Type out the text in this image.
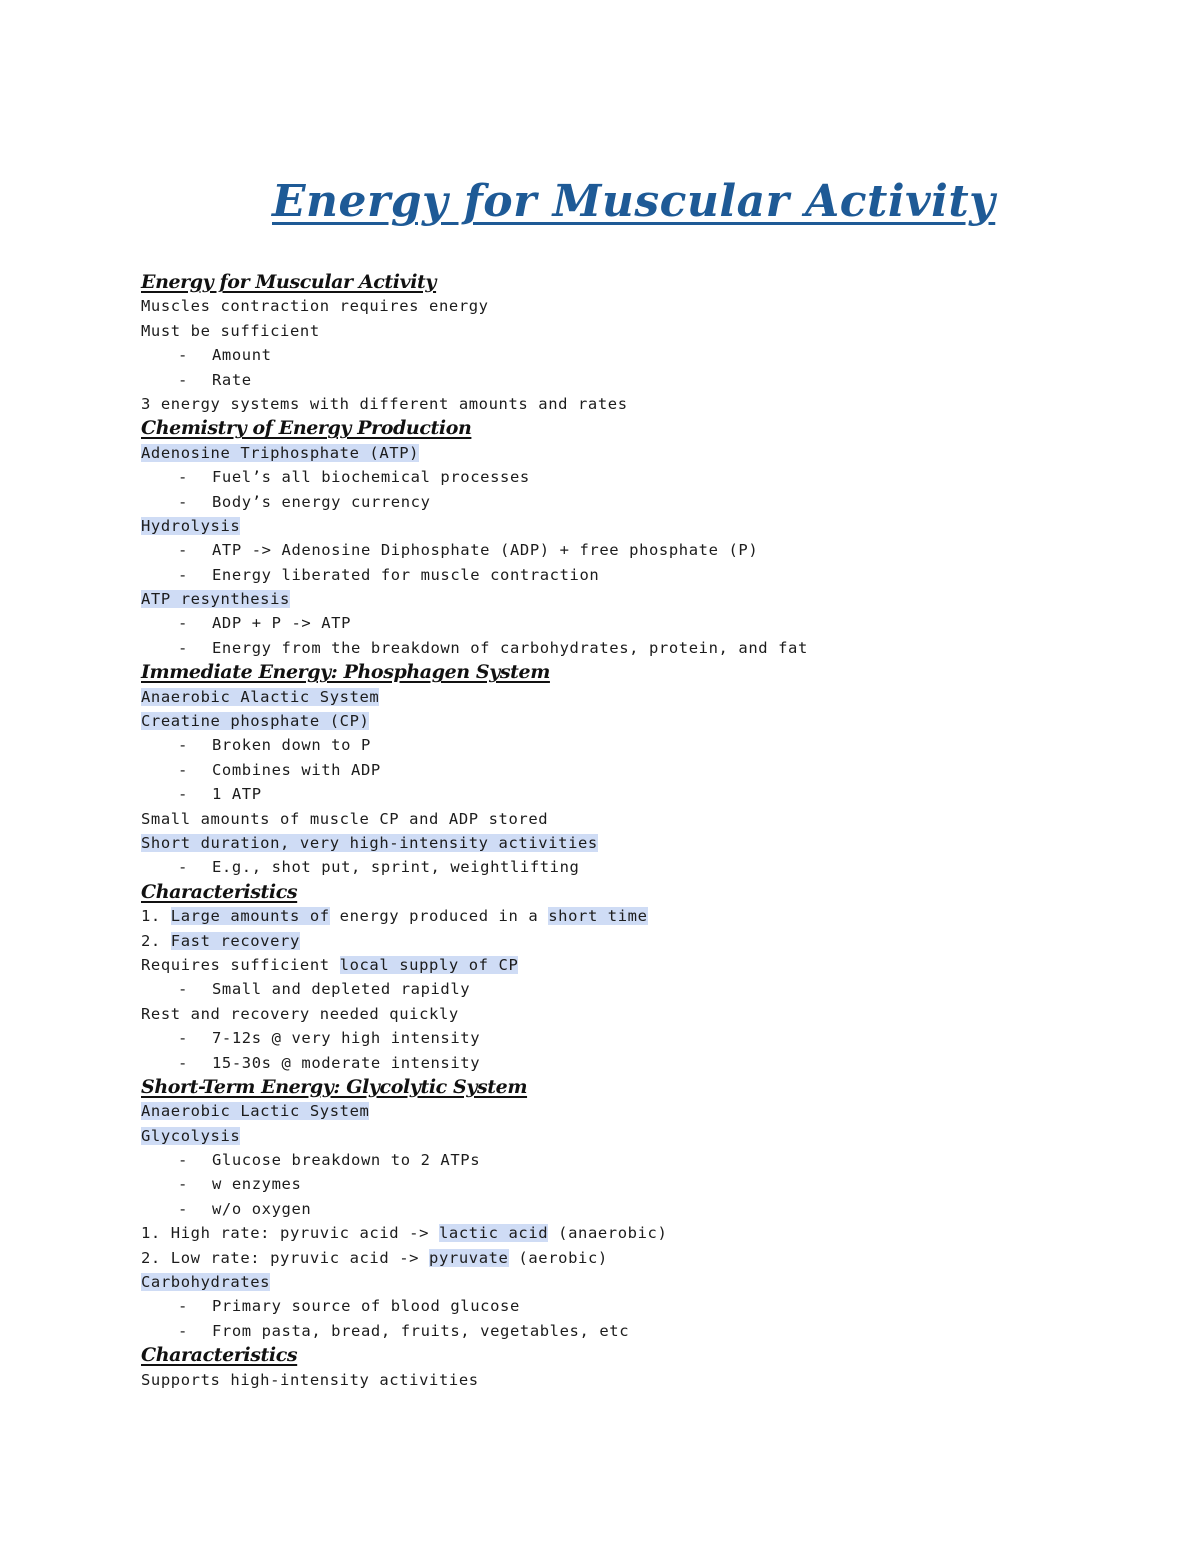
Energy for Muscular Activity
Energy for Muscular Activity
Muscles contraction requires energy
Must be sufficient
- Amount
- Rate
3 energy systems with different amounts and rates
Chemistry of Energy Production
Adenosine Triphosphate (ATP)
- Fuel’s all biochemical processes
- Body’s energy currency
Hydrolysis
- ATP -> Adenosine Diphosphate (ADP) + free phosphate (P)
- Energy liberated for muscle contraction
ATP resynthesis
- ADP + P -> ATP
- Energy from the breakdown of carbohydrates, protein, and fat
Immediate Energy: Phosphagen System
Anaerobic Alactic System
Creatine phosphate (CP)
- Broken down to P
- Combines with ADP
- 1 ATP
Small amounts of muscle CP and ADP stored
Short duration, very high-intensity activities
- E.g., shot put, sprint, weightlifting
Characteristics
1. Large amounts of energy produced in a short time
2. Fast recovery
Requires sufficient local supply of CP
- Small and depleted rapidly
Rest and recovery needed quickly
- 7-12s @ very high intensity
- 15-30s @ moderate intensity
Short-Term Energy: Glycolytic System
Anaerobic Lactic System
Glycolysis
- Glucose breakdown to 2 ATPs
- w enzymes
- w/o oxygen
1. High rate: pyruvic acid -> lactic acid (anaerobic)
2. Low rate: pyruvic acid -> pyruvate (aerobic)
Carbohydrates
- Primary source of blood glucose
- From pasta, bread, fruits, vegetables, etc
Characteristics
Supports high-intensity activities
